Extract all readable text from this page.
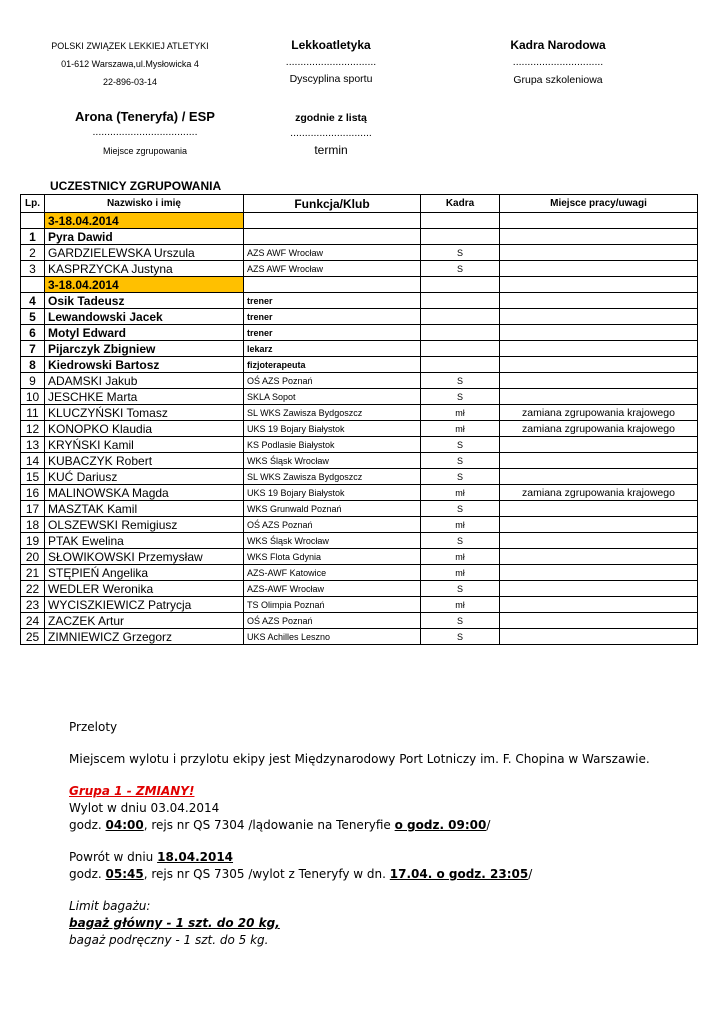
POLSKI ZWIĄZEK LEKKIEJ ATLETYKI
01-612 Warszawa,ul.Mysłowicka 4
22-896-03-14
Lekkoatletyka
...............................
Dyscyplina sportu
Kadra Narodowa
...............................
Grupa szkoleniowa
Arona (Teneryfa) / ESP
....................................
Miejsce zgrupowania
zgodnie z listą
............................
termin
UCZESTNICY ZGRUPOWANIA
Lp.	Nazwisko i imię	Funkcja/Klub	Kadra	Miejsce pracy/uwagi
	3-18.04.2014			
1	Pyra Dawid			
2	GARDZIELEWSKA Urszula	AZS AWF Wrocław	S	
3	KASPRZYCKA Justyna	AZS AWF Wrocław	S	
	3-18.04.2014			
4	Osik Tadeusz	trener		
5	Lewandowski Jacek	trener		
6	Motyl Edward	trener		
7	Pijarczyk Zbigniew	lekarz		
8	Kiedrowski Bartosz	fizjoterapeuta		
9	ADAMSKI Jakub	OŚ AZS Poznań	S	
10	JESCHKE Marta	SKLA Sopot	S	
11	KLUCZYŃSKI Tomasz	SL WKS Zawisza Bydgoszcz	mł	zamiana zgrupowania krajowego
12	KONOPKO Klaudia	UKS 19 Bojary Białystok	mł	zamiana zgrupowania krajowego
13	KRYŃSKI Kamil	KS Podlasie Białystok	S	
14	KUBACZYK Robert	WKS Śląsk Wrocław	S	
15	KUĆ Dariusz	SL WKS Zawisza Bydgoszcz	S	
16	MALINOWSKA Magda	UKS 19 Bojary Białystok	mł	zamiana zgrupowania krajowego
17	MASZTAK Kamil	WKS Grunwald Poznań	S	
18	OLSZEWSKI Remigiusz	OŚ AZS Poznań	mł	
19	PTAK Ewelina	WKS Śląsk Wrocław	S	
20	SŁOWIKOWSKI Przemysław	WKS Flota Gdynia	mł	
21	STĘPIEŃ Angelika	AZS-AWF Katowice	mł	
22	WEDLER Weronika	AZS-AWF Wrocław	S	
23	WYCISZKIEWICZ Patrycja	TS Olimpia Poznań	mł	
24	ZACZEK Artur	OŚ AZS Poznań	S	
25	ZIMNIEWICZ Grzegorz	UKS Achilles Leszno	S	
Przeloty
Miejscem wylotu i przylotu ekipy jest Międzynarodowy Port Lotniczy im. F. Chopina w Warszawie.
Grupa 1 - ZMIANY!
Wylot w dniu 03.04.2014
godz. 04:00, rejs nr QS 7304 /lądowanie na Teneryfie o godz. 09:00/
Powrót w dniu 18.04.2014
godz. 05:45, rejs nr QS 7305 /wylot z Teneryfy w dn. 17.04. o godz. 23:05/
Limit bagażu:
bagaż główny - 1 szt. do 20 kg,
bagaż podręczny - 1 szt. do 5 kg.
